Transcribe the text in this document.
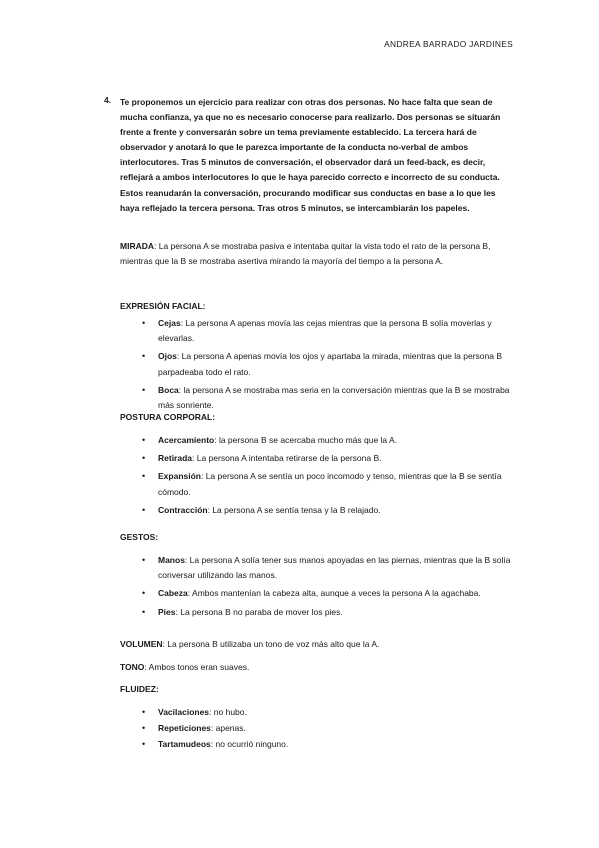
ANDREA BARRADO JARDINES
4. Te proponemos un ejercicio para realizar con otras dos personas. No hace falta que sean de mucha confianza, ya que no es necesario conocerse para realizarlo. Dos personas se situarán frente a frente y conversarán sobre un tema previamente establecido. La tercera hará de observador y anotará lo que le parezca importante de la conducta no-verbal de ambos interlocutores. Tras 5 minutos de conversación, el observador dará un feed-back, es decir, reflejará a ambos interlocutores lo que le haya parecido correcto e incorrecto de su conducta. Estos reanudarán la conversación, procurando modificar sus conductas en base a lo que les haya reflejado la tercera persona. Tras otros 5 minutos, se intercambiarán los papeles.
MIRADA: La persona A se mostraba pasiva e intentaba quitar la vista todo el rato de la persona B, mientras que la B se mostraba asertiva mirando la mayoría del tiempo a la persona A.
EXPRESIÓN FACIAL:
• Cejas: La persona A apenas movía las cejas mientras que la persona B solía moverlas y elevarlas.
• Ojos: La persona A apenas movía los ojos y apartaba la mirada, mientras que la persona B parpadeaba todo el rato.
• Boca: la persona A se mostraba mas seria en la conversación mientras que la B se mostraba más sonriente.
POSTURA CORPORAL:
• Acercamiento: la persona B se acercaba mucho más que la A.
• Retirada: La persona A intentaba retirarse de la persona B.
• Expansión: La persona A se sentía un poco incomodo y tenso, mientras que la B se sentía cómodo.
• Contracción: La persona A se sentía tensa y la B relajado.
GESTOS:
• Manos: La persona A solía tener sus manos apoyadas en las piernas, mientras que la B solía conversar utilizando las manos.
• Cabeza: Ambos mantenían la cabeza alta, aunque a veces la persona A la agachaba.
• Pies: La persona B no paraba de mover los pies.
VOLUMEN: La persona B utilizaba un tono de voz más alto que la A.
TONO: Ambos tonos eran suaves.
FLUIDEZ:
• Vacilaciones: no hubo.
• Repeticiones: apenas.
• Tartamudeos: no ocurrió ninguno.
